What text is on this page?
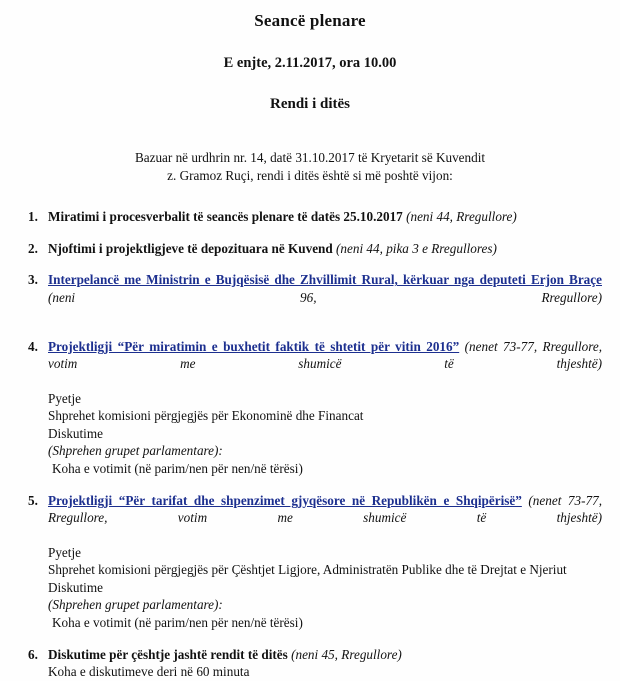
Seancë plenare
E enjte, 2.11.2017, ora 10.00
Rendi i ditës

Bazuar në urdhrin nr. 14, datë 31.10.2017 të Kryetarit së Kuvendit
z. Gramoz Ruçi, rendi i ditës është si më poshtë vijon:

1. Miratimi i procesverbalit të seancës plenare të datës 25.10.2017 (neni 44, Rregullore)

2. Njoftimi i projektligjeve të depozituara në Kuvend (neni 44, pika 3 e Rregullores)

3. Interpelancë me Ministrin e Bujqësisë dhe Zhvillimit Rural, kërkuar nga deputeti Erjon Braçe (neni 96, Rregullore)

4. Projektligji “Për miratimin e buxhetit faktik të shtetit për vitin 2016” (nenet 73-77, Rregullore, votim me shumicë të thjeshtë)

Pyetje
Shprehet komisioni përgjegjës për Ekonominë dhe Financat
Diskutime
(Shprehen grupet parlamentare):
Koha e votimit (në parim/nen për nen/në tërësi)
5. Projektligji “Për tarifat dhe shpenzimet gjyqësore në Republikën e Shqipërisë” (nenet 73-77, Rregullore, votim me shumicë të thjeshtë)

Pyetje
Shprehet komisioni përgjegjës për Çështjet Ligjore, Administratën Publike dhe të Drejtat e Njeriut
Diskutime
(Shprehen grupet parlamentare):
Koha e votimit (në parim/nen për nen/në tërësi)
6. Diskutime për çështje jashtë rendit të ditës (neni 45, Rregullore)

Koha e diskutimeve deri në 60 minuta
